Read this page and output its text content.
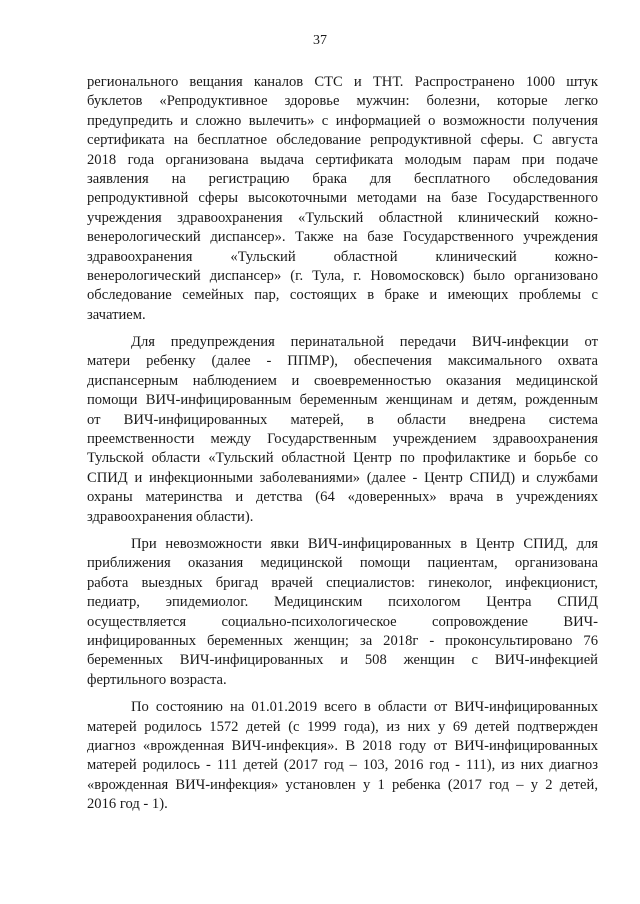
37

регионального вещания каналов СТС и ТНТ. Распространено 1000 штук
буклетов «Репродуктивное здоровье мужчин: болезни, которые легко
предупредить и сложно вылечить» с информацией о возможности получения
сертификата на бесплатное обследование репродуктивной сферы. С августа
2018 года организована выдача сертификата молодым парам при подаче
заявления на регистрацию брака для бесплатного обследования
репродуктивной сферы высокоточными методами на базе Государственного
учреждения здравоохранения «Тульский областной клинический кожно-
венерологический диспансер». Также на базе Государственного учреждения
здравоохранения «Тульский областной клинический кожно-
венерологический диспансер» (г. Тула, г. Новомосковск) было организовано
обследование семейных пар, состоящих в браке и имеющих проблемы с
зачатием.

Для предупреждения перинатальной передачи ВИЧ-инфекции от
матери ребенку (далее - ППМР), обеспечения максимального охвата
диспансерным наблюдением и своевременностью оказания медицинской
помощи ВИЧ-инфицированным беременным женщинам и детям, рожденным
от ВИЧ-инфицированных матерей, в области внедрена система
преемственности между Государственным учреждением здравоохранения
Тульской области «Тульский областной Центр по профилактике и борьбе со
СПИД и инфекционными заболеваниями» (далее - Центр СПИД) и службами
охраны материнства и детства (64 «доверенных» врача в учреждениях
здравоохранения области).

При невозможности явки ВИЧ-инфицированных в Центр СПИД, для
приближения оказания медицинской помощи пациентам, организована
работа выездных бригад врачей специалистов: гинеколог, инфекционист,
педиатр, эпидемиолог. Медицинским психологом Центра СПИД
осуществляется социально-психологическое сопровождение ВИЧ-
инфицированных беременных женщин; за 2018г - проконсультировано 76
беременных ВИЧ-инфицированных и 508 женщин с ВИЧ-инфекцией
фертильного возраста.

По состоянию на 01.01.2019 всего в области от ВИЧ-инфицированных
матерей родилось 1572 детей (с 1999 года), из них у 69 детей подтвержден
диагноз «врожденная ВИЧ-инфекция». В 2018 году от ВИЧ-инфицированных
матерей родилось - 111 детей (2017 год – 103, 2016 год - 111), из них диагноз
«врожденная ВИЧ-инфекция» установлен у 1 ребенка (2017 год – у 2 детей,
2016 год - 1).
